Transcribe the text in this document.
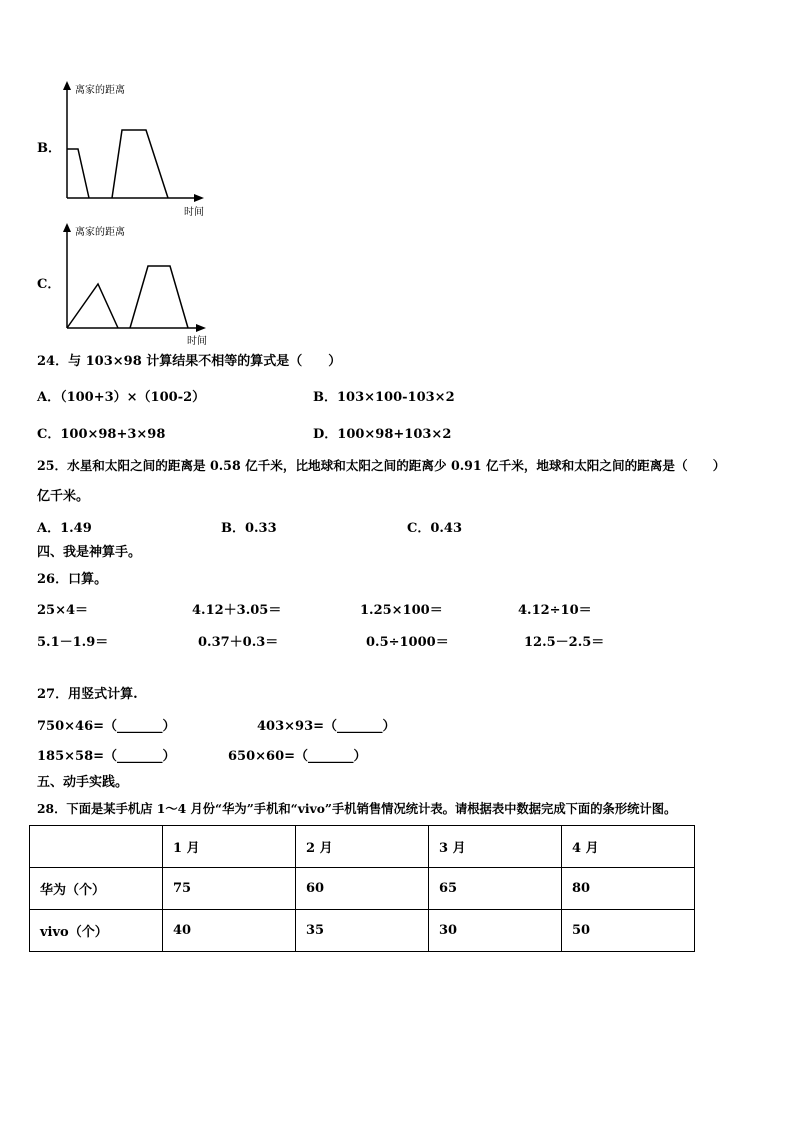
B．
离家的距离
时间
C．
离家的距离
时间
24．与 103×98 计算结果不相等的算式是（　　）
A．（100+3）×（100-2）	B．103×100-103×2
C．100×98+3×98	D．100×98+103×2
25．水星和太阳之间的距离是 0.58 亿千米，比地球和太阳之间的距离少 0.91 亿千米，地球和太阳之间的距离是（　　）
亿千米。
A．1.49	B．0.33	C．0.43
四、我是神算手。
26．口算。
25×4＝	4.12＋3.05＝	1.25×100＝	4.12÷10＝
5.1－1.9＝	0.37＋0.3＝	0.5÷1000＝	12.5－2.5＝
27．用竖式计算.
750×46=（_______）	403×93=（_______）
185×58=（_______）	650×60=（_______）
五、动手实践。
28．下面是某手机店 1～4 月份“华为”手机和“vivo”手机销售情况统计表。请根据表中数据完成下面的条形统计图。
	1 月	2 月	3 月	4 月
华为（个）	75	60	65	80
vivo（个）	40	35	30	50
